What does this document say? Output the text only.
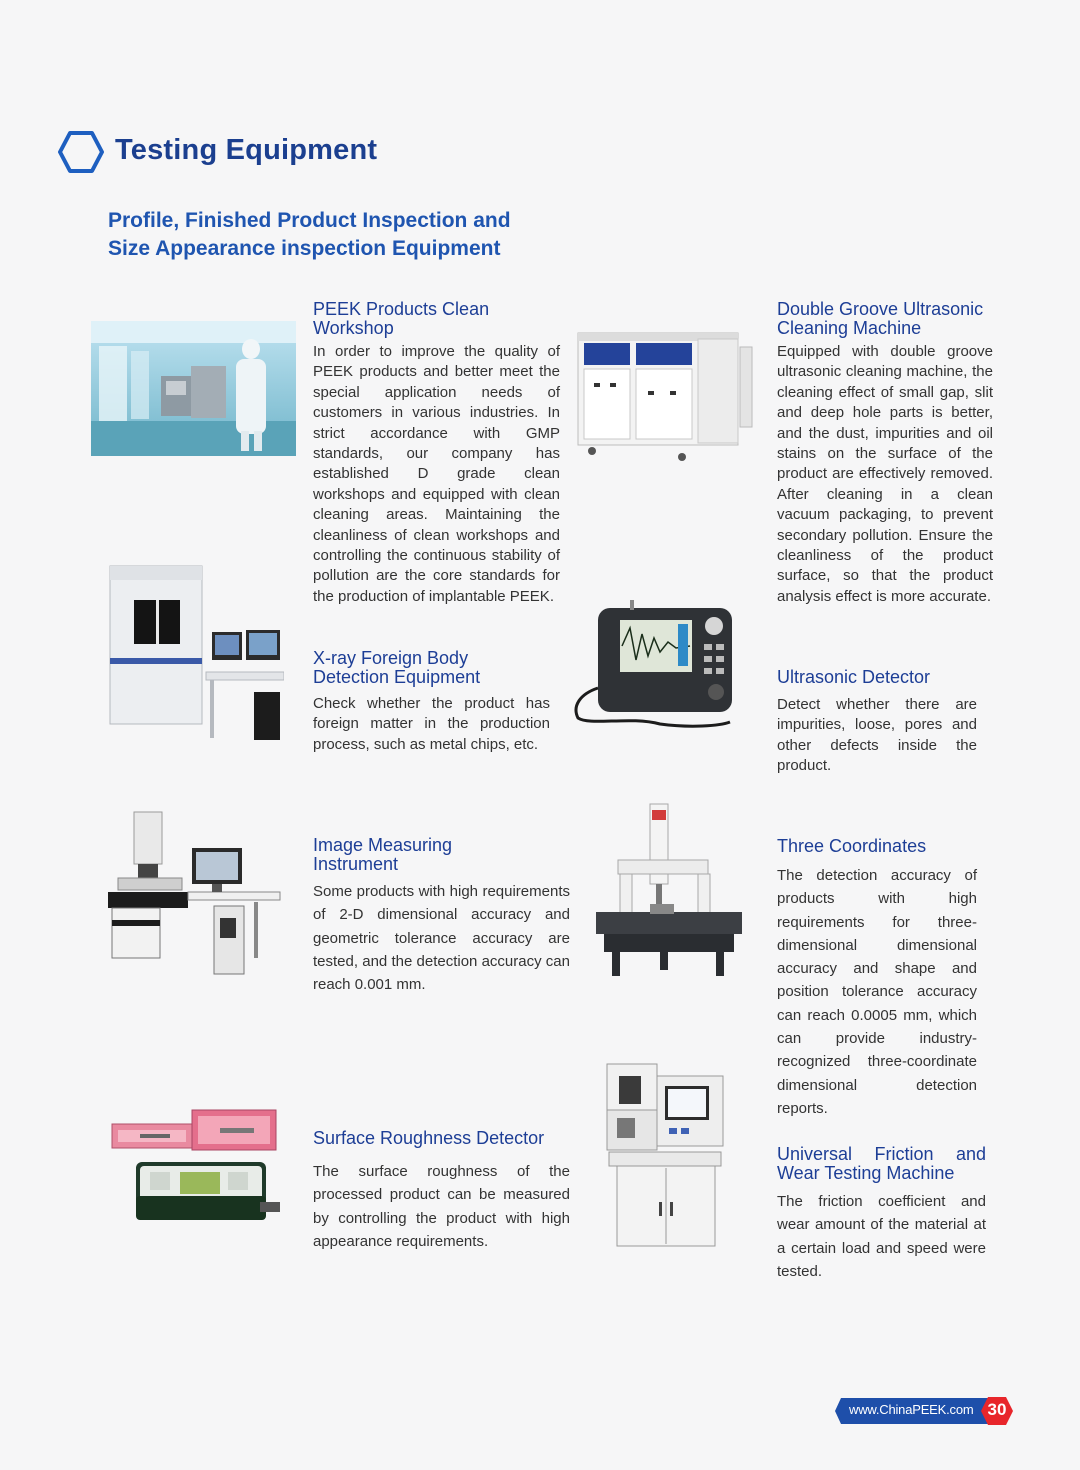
Testing Equipment
Profile, Finished Product Inspection and
Size Appearance inspection Equipment
PEEK Products Clean
Workshop

In order to improve the quality of PEEK products and better meet the special application needs of customers in various industries. In strict accordance with GMP standards, our company has established D grade clean workshops and equipped with clean cleaning areas. Maintaining the cleanliness of clean workshops and controlling the continuous stability of pollution are the core standards for the production of implantable PEEK.

Double Groove Ultrasonic
Cleaning Machine

Equipped with double groove ultrasonic cleaning machine, the cleaning effect of small gap, slit and deep hole parts is better, and the dust, impurities and oil stains on the surface of the product are effectively removed. After cleaning in a clean vacuum packaging, to prevent secondary pollution. Ensure the cleanliness of the product surface, so that the product analysis effect is more accurate.

X-ray Foreign Body
Detection Equipment

Check whether the product has foreign matter in the production process, such as metal chips, etc.

Ultrasonic Detector

Detect whether there are impurities, loose, pores and other defects inside the product.

Image Measuring
Instrument

Some products with high requirements of 2-D dimensional accuracy and geometric tolerance accuracy are tested, and the detection accuracy can reach 0.001 mm.

Three Coordinates

The detection accuracy of products with high requirements for three-dimensional dimensional accuracy and shape and position tolerance accuracy can reach 0.0005 mm, which can provide industry-recognized three-coordinate dimensional detection reports.

Surface Roughness Detector

The surface roughness of the processed product can be measured by controlling the product with high appearance requirements.

Universal Friction and
Wear Testing Machine

The friction coefficient and wear amount of the material at a certain load and speed were tested.

www.ChinaPEEK.com 30
